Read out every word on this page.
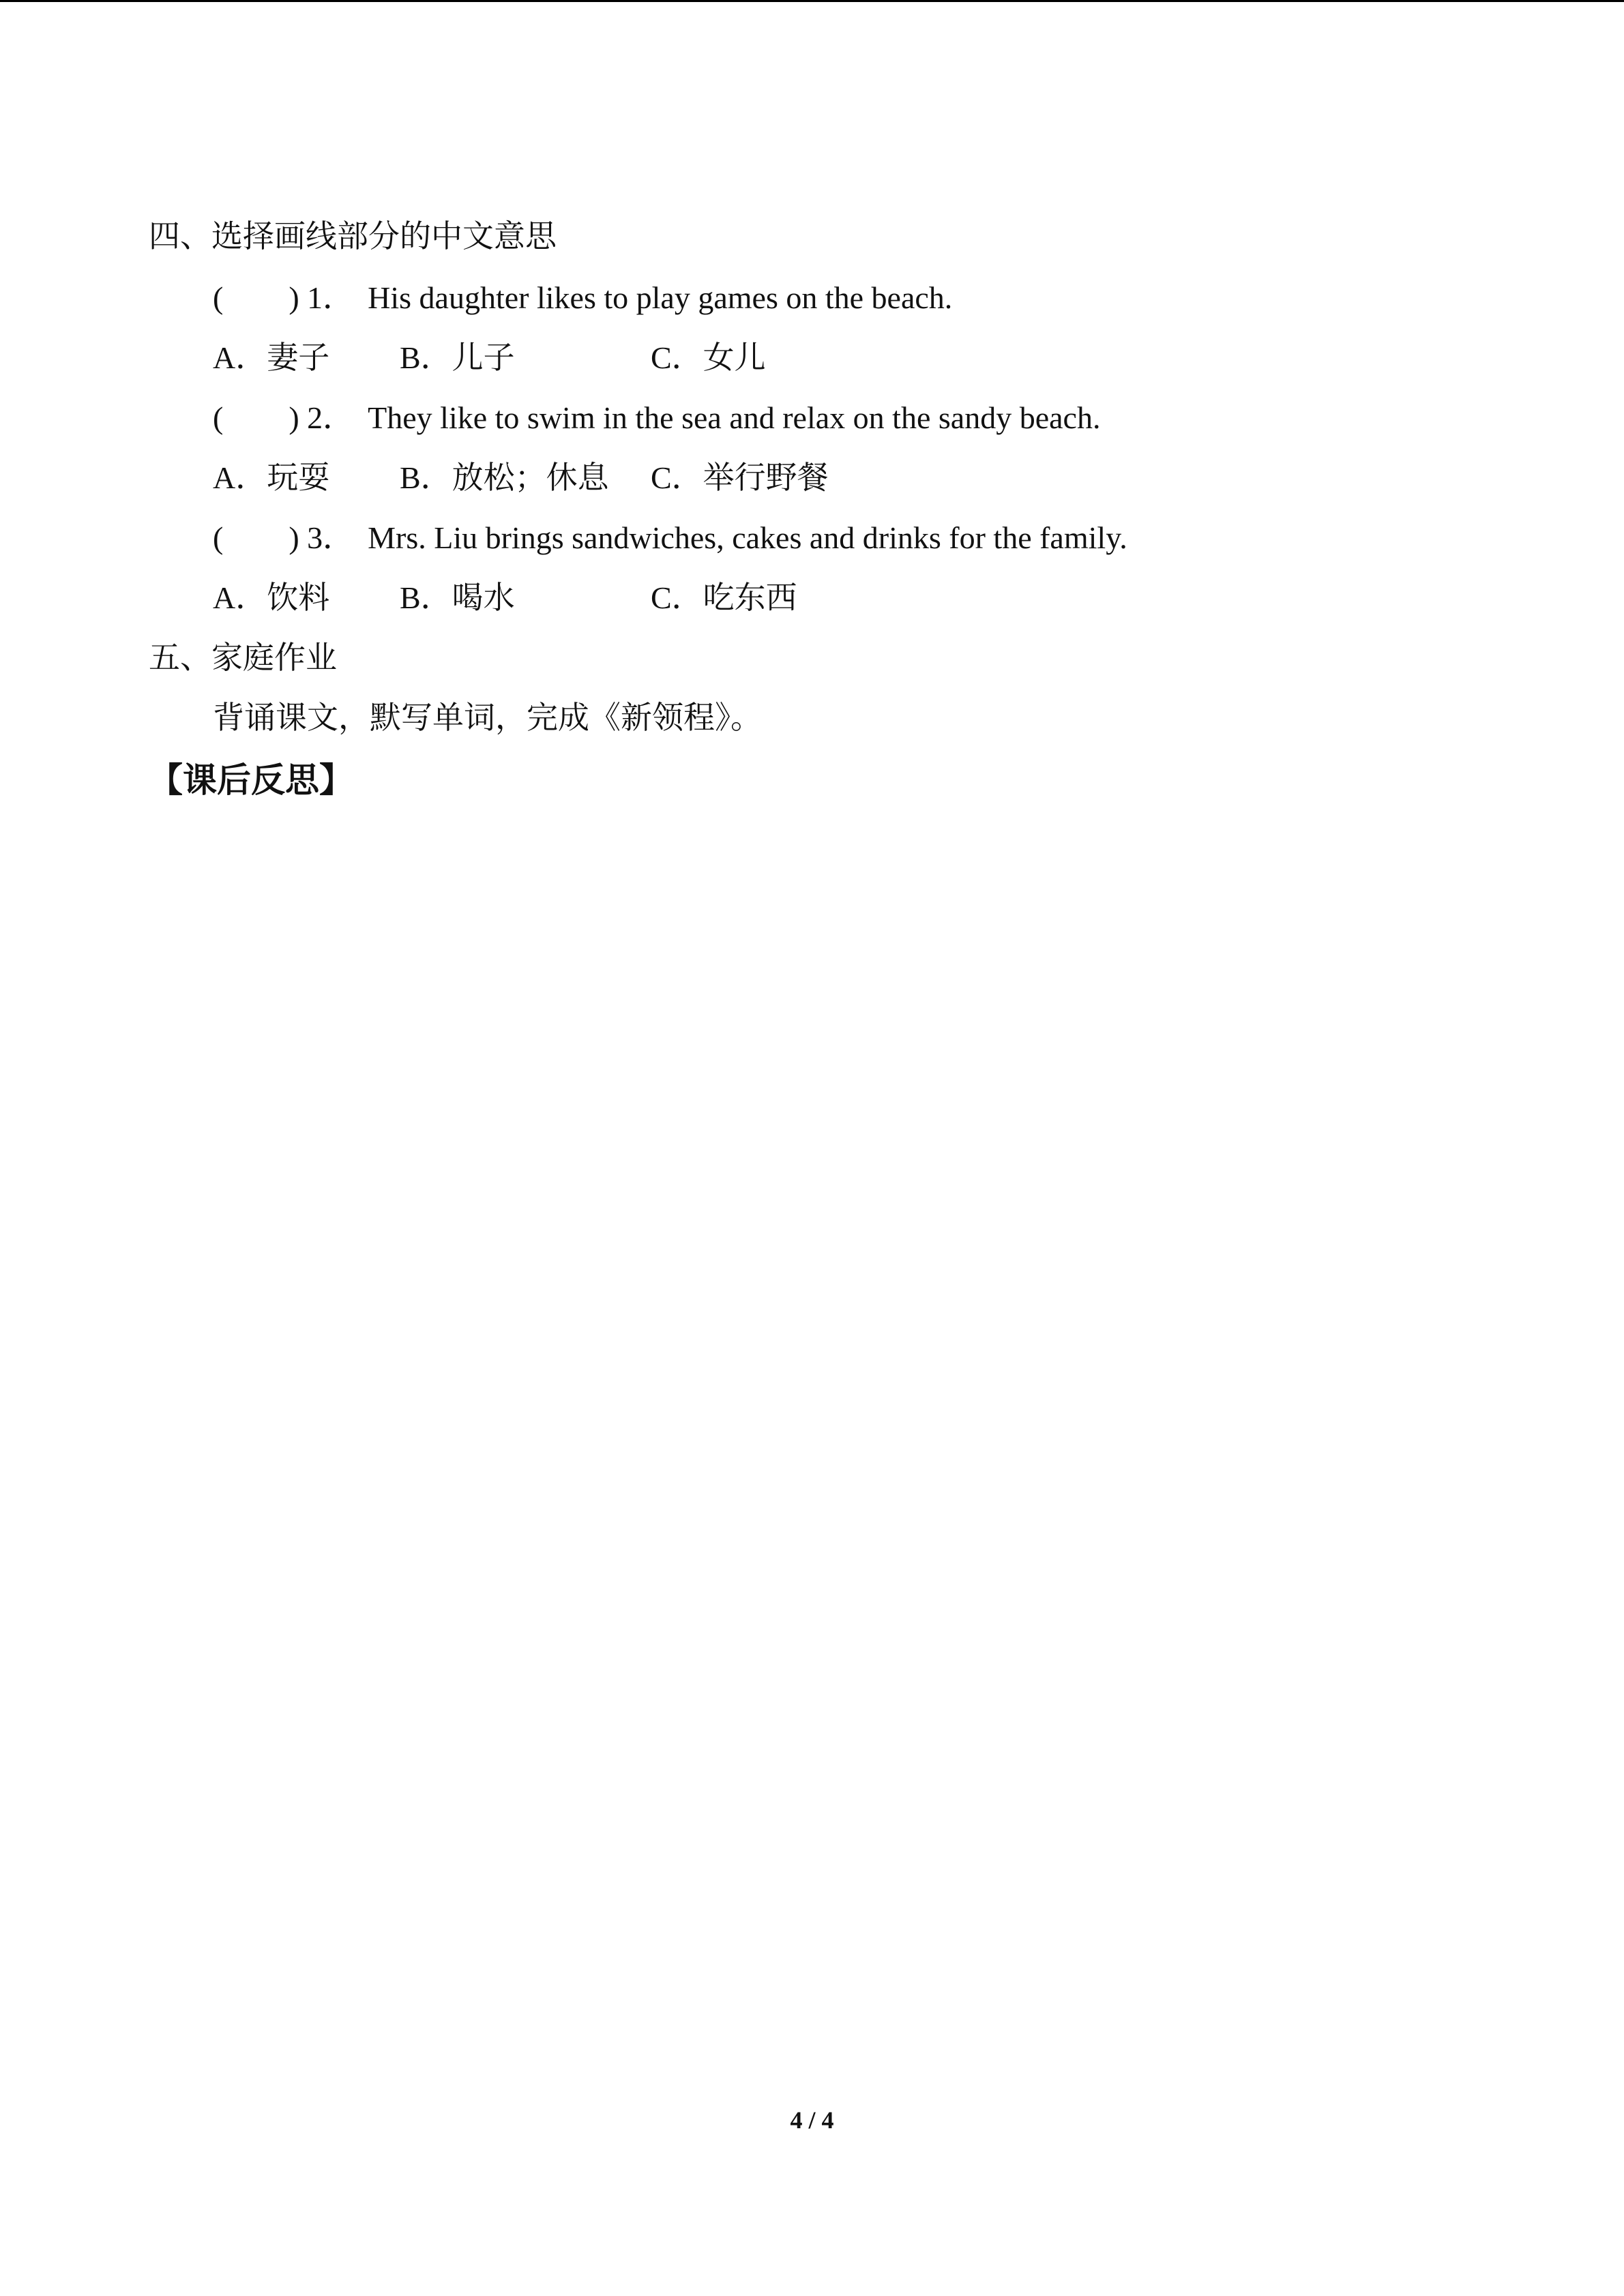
四、选择画线部分的中文意思
( ) 1． His daughter likes to play games on the beach.
A．妻子 B．儿子	C．女儿
( ) 2． They like to swim in the sea and relax on the sandy beach.
A．玩耍 B．放松；休息 C．举行野餐
( ) 3． Mrs. Liu brings sandwiches, cakes and drinks for the family.
A．饮料 B．喝水	C．吃东西
五、家庭作业
背诵课文，默写单词，完成《新领程》。
【课后反思】
4 / 4
